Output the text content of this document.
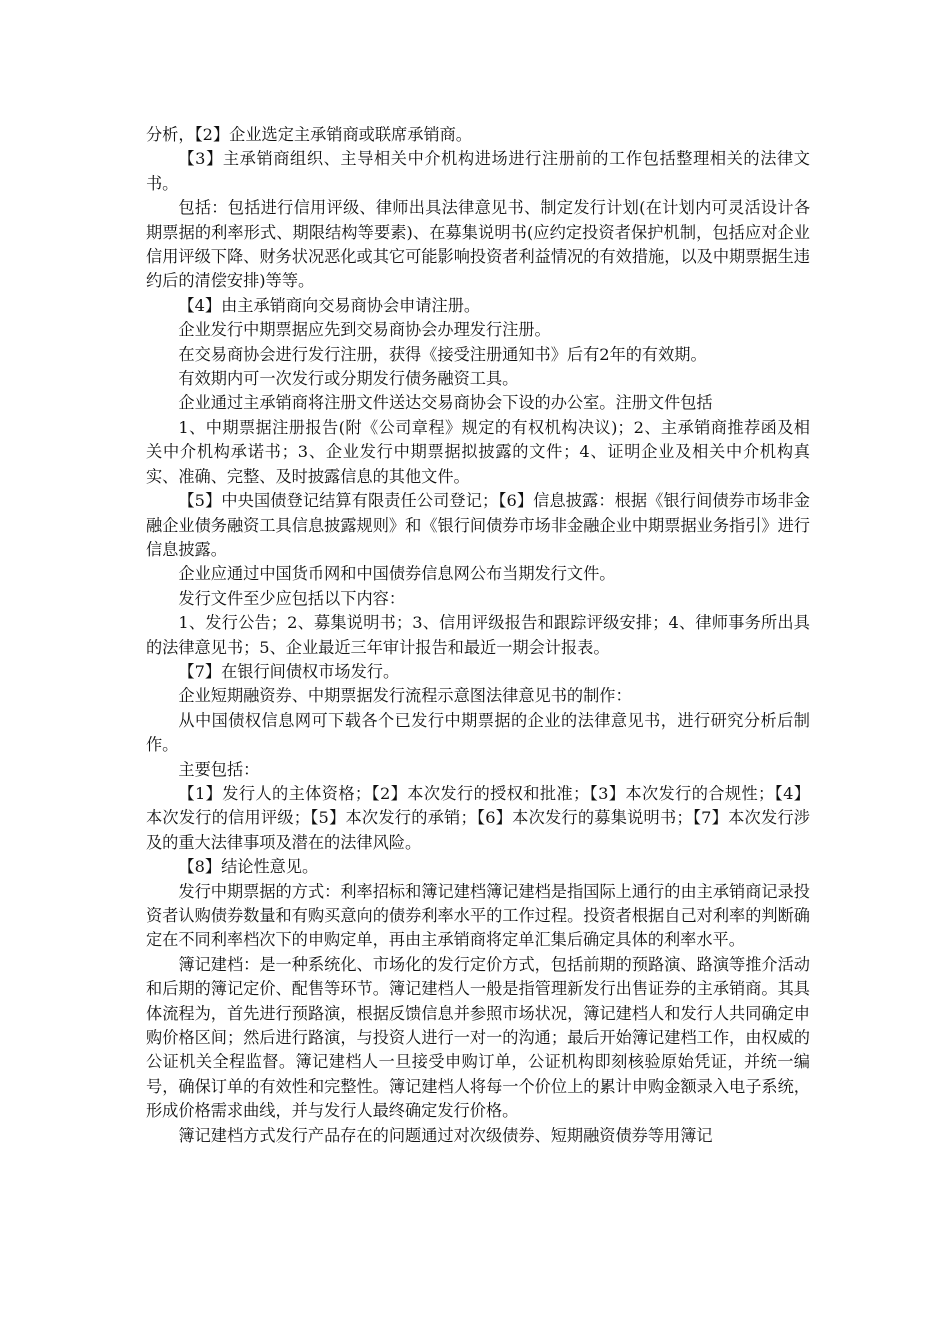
分析，【2】企业选定主承销商或联席承销商。

【3】主承销商组织、主导相关中介机构进场进行注册前的工作包括整理相关的法律文书。

包括：包括进行信用评级、律师出具法律意见书、制定发行计划(在计划内可灵活设计各期票据的利率形式、期限结构等要素)、在募集说明书(应约定投资者保护机制，包括应对企业信用评级下降、财务状况恶化或其它可能影响投资者利益情况的有效措施，以及中期票据生违约后的清偿安排)等等。

【4】由主承销商向交易商协会申请注册。

企业发行中期票据应先到交易商协会办理发行注册。

在交易商协会进行发行注册，获得《接受注册通知书》后有2年的有效期。

有效期内可一次发行或分期发行债务融资工具。

企业通过主承销商将注册文件送达交易商协会下设的办公室。注册文件包括

1、中期票据注册报告(附《公司章程》规定的有权机构决议)；2、主承销商推荐函及相关中介机构承诺书；3、企业发行中期票据拟披露的文件；4、证明企业及相关中介机构真实、准确、完整、及时披露信息的其他文件。

【5】中央国债登记结算有限责任公司登记；【6】信息披露：根据《银行间债券市场非金融企业债务融资工具信息披露规则》和《银行间债券市场非金融企业中期票据业务指引》进行信息披露。

企业应通过中国货币网和中国债券信息网公布当期发行文件。

发行文件至少应包括以下内容：

1、发行公告；2、募集说明书；3、信用评级报告和跟踪评级安排；4、律师事务所出具的法律意见书；5、企业最近三年审计报告和最近一期会计报表。

【7】在银行间债权市场发行。

企业短期融资券、中期票据发行流程示意图法律意见书的制作：

从中国债权信息网可下载各个已发行中期票据的企业的法律意见书，进行研究分析后制作。

主要包括：

【1】发行人的主体资格；【2】本次发行的授权和批准；【3】本次发行的合规性；【4】本次发行的信用评级；【5】本次发行的承销；【6】本次发行的募集说明书；【7】本次发行涉及的重大法律事项及潜在的法律风险。

【8】结论性意见。

发行中期票据的方式：利率招标和簿记建档簿记建档是指国际上通行的由主承销商记录投资者认购债券数量和有购买意向的债券利率水平的工作过程。投资者根据自己对利率的判断确定在不同利率档次下的申购定单，再由主承销商将定单汇集后确定具体的利率水平。

簿记建档：是一种系统化、市场化的发行定价方式，包括前期的预路演、路演等推介活动和后期的簿记定价、配售等环节。簿记建档人一般是指管理新发行出售证券的主承销商。其具体流程为，首先进行预路演，根据反馈信息并参照市场状况，簿记建档人和发行人共同确定申购价格区间；然后进行路演，与投资人进行一对一的沟通；最后开始簿记建档工作，由权威的公证机关全程监督。簿记建档人一旦接受申购订单，公证机构即刻核验原始凭证，并统一编号，确保订单的有效性和完整性。簿记建档人将每一个价位上的累计申购金额录入电子系统，形成价格需求曲线，并与发行人最终确定发行价格。

簿记建档方式发行产品存在的问题通过对次级债券、短期融资债券等用簿记
